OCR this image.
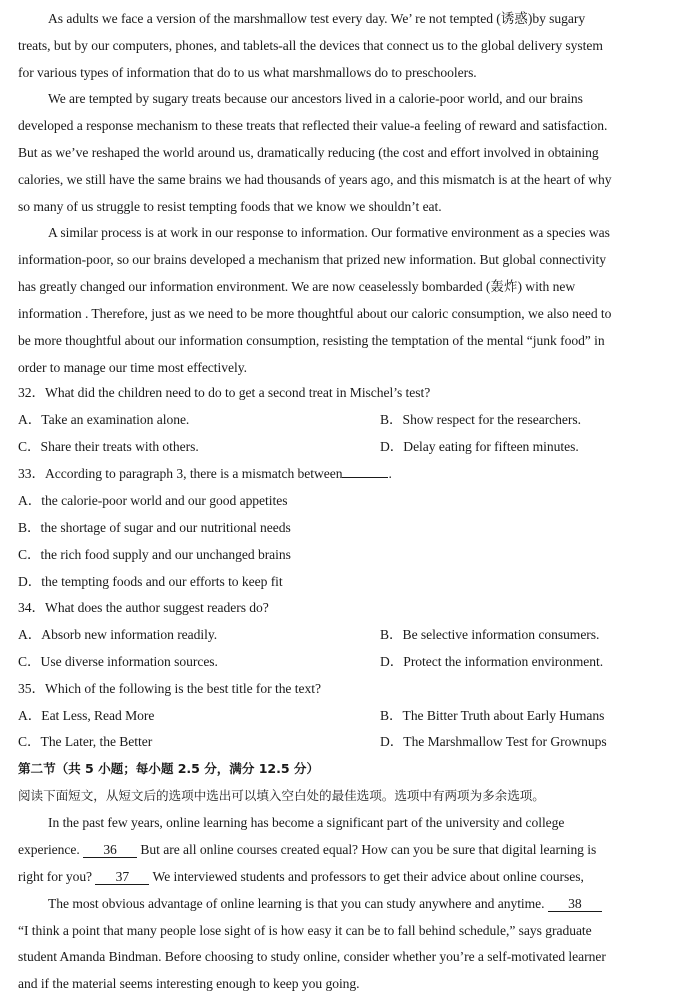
As adults we face a version of the marshmallow test every day. We’ re not tempted (诱惑)by sugary
treats, but by our computers, phones, and tablets-all the devices that connect us to the global delivery system
for various types of information that do to us what marshmallows do to preschoolers.
We are tempted by sugary treats because our ancestors lived in a calorie-poor world, and our brains
developed a response mechanism to these treats that reflected their value-a feeling of reward and satisfaction.
But as we’ve reshaped the world around us, dramatically reducing (the cost and effort involved in obtaining
calories, we still have the same brains we had thousands of years ago, and this mismatch is at the heart of why
so many of us struggle to resist tempting foods that we know we shouldn’t eat.
A similar process is at work in our response to information. Our formative environment as a species was
information-poor, so our brains developed a mechanism that prized new information. But global connectivity
has greatly changed our information environment. We are now ceaselessly bombarded (轰炸) with new
information . Therefore, just as we need to be more thoughtful about our caloric consumption, we also need to
be more thoughtful about our information consumption, resisting the temptation of the mental “junk food” in
order to manage our time most effectively.
32．What did the children need to do to get a second treat in Mischel’s test?
A．Take an examination alone.	B．Show respect for the researchers.
C．Share their treats with others.	D．Delay eating for fifteen minutes.
33．According to paragraph 3, there is a mismatch between	.
A．the calorie-poor world and our good appetites
B．the shortage of sugar and our nutritional needs
C．the rich food supply and our unchanged brains
D．the tempting foods and our efforts to keep fit
34．What does the author suggest readers do?
A．Absorb new information readily.	B．Be selective information consumers.
C．Use diverse information sources.	D．Protect the information environment.
35．Which of the following is the best title for the text?
A．Eat Less, Read More	B．The Bitter Truth about Early Humans
C．The Later, the Better	D．The Marshmallow Test for Grownups
第二节（共 5 小题；每小题 2.5 分，满分 12.5 分）
阅读下面短文，从短文后的选项中选出可以填入空白处的最佳选项。选项中有两项为多余选项。
In the past few years, online learning has become a significant part of the university and college
experience. 36 But are all online courses created equal? How can you be sure that digital learning is
right for you? 37 We interviewed students and professors to get their advice about online courses,
The most obvious advantage of online learning is that you can study anywhere and anytime. 38
“I think a point that many people lose sight of is how easy it can be to fall behind schedule,” says graduate
student Amanda Bindman. Before choosing to study online, consider whether you’re a self-motivated learner
and if the material seems interesting enough to keep you going.
